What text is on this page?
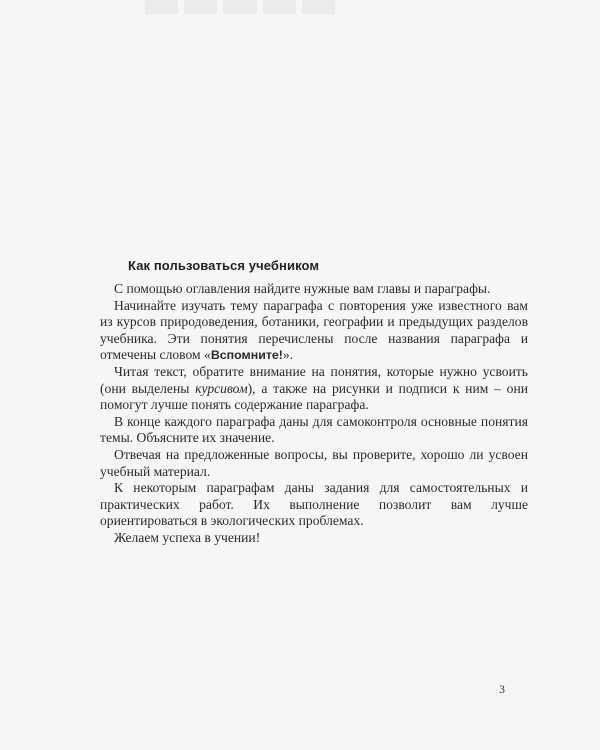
Как пользоваться учебником

С помощью оглавления найдите нужные вам главы и параграфы.

Начинайте изучать тему параграфа с повторения уже известного вам из курсов природоведения, ботаники, географии и предыдущих разделов учебника. Эти понятия перечислены после названия параграфа и отмечены словом «Вспомните!».

Читая текст, обратите внимание на понятия, которые нужно усвоить (они выделены курсивом), а также на рисунки и подписи к ним – они помогут лучше понять содержание параграфа.

В конце каждого параграфа даны для самоконтроля основные понятия темы. Объясните их значение.

Отвечая на предложенные вопросы, вы проверите, хорошо ли усвоен учебный материал.

К некоторым параграфам даны задания для самостоятельных и практических работ. Их выполнение позволит вам лучше ориентироваться в экологических проблемах.

Желаем успеха в учении!

3
